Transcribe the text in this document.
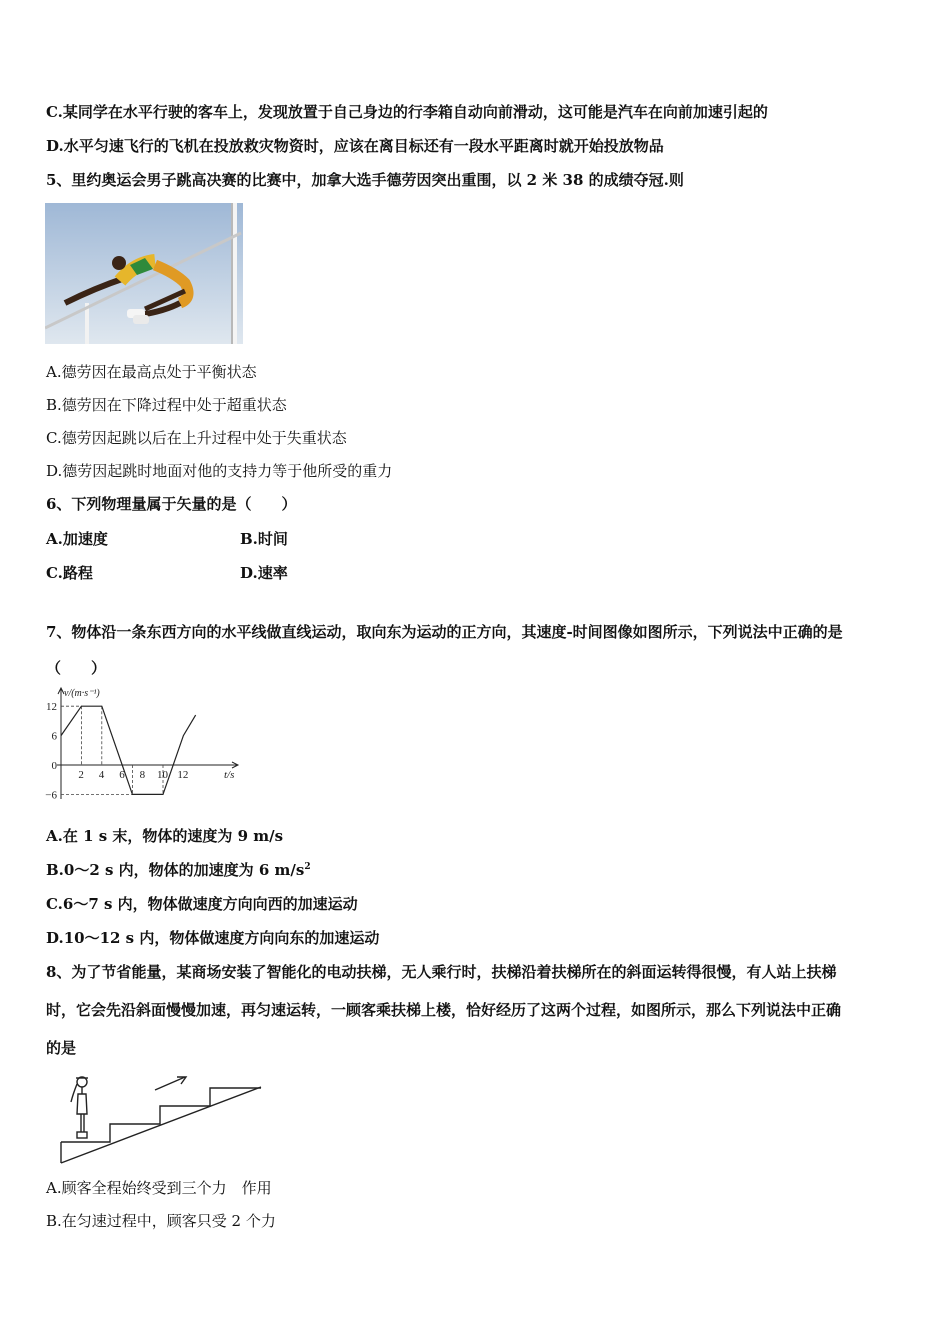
C.某同学在水平行驶的客车上，发现放置于自己身边的行李箱自动向前滑动，这可能是汽车在向前加速引起的
D.水平匀速飞行的飞机在投放救灾物资时，应该在离目标还有一段水平距离时就开始投放物品
5、里约奥运会男子跳高决赛的比赛中，加拿大选手德劳因突出重围，以 2 米 38 的成绩夺冠.则
A.德劳因在最高点处于平衡状态
B.德劳因在下降过程中处于超重状态
C.德劳因起跳以后在上升过程中处于失重状态
D.德劳因起跳时地面对他的支持力等于他所受的重力
6、下列物理量属于矢量的是（　　）
A.加速度	B.时间
C.路程	D.速率
7、物体沿一条东西方向的水平线做直线运动，取向东为运动的正方向，其速度-时间图像如图所示，下列说法中正确的是
（　　）
2 4 6 8 10 12
12
6
0
−6
v/(m·s⁻¹)
t/s
A.在 1 s 末，物体的速度为 9 m/s
B.0～2 s 内，物体的加速度为 6 $m/s^2$
C.6～7 s 内，物体做速度方向向西的加速运动
D.10～12 s 内，物体做速度方向向东的加速运动
8、为了节省能量，某商场安装了智能化的电动扶梯，无人乘行时，扶梯沿着扶梯所在的斜面运转得很慢，有人站上扶梯
时，它会先沿斜面慢慢加速，再匀速运转，一顾客乘扶梯上楼，恰好经历了这两个过程，如图所示，那么下列说法中正确
的是
A.顾客全程始终受到三个力　作用
B.在匀速过程中，顾客只受 2 个力
